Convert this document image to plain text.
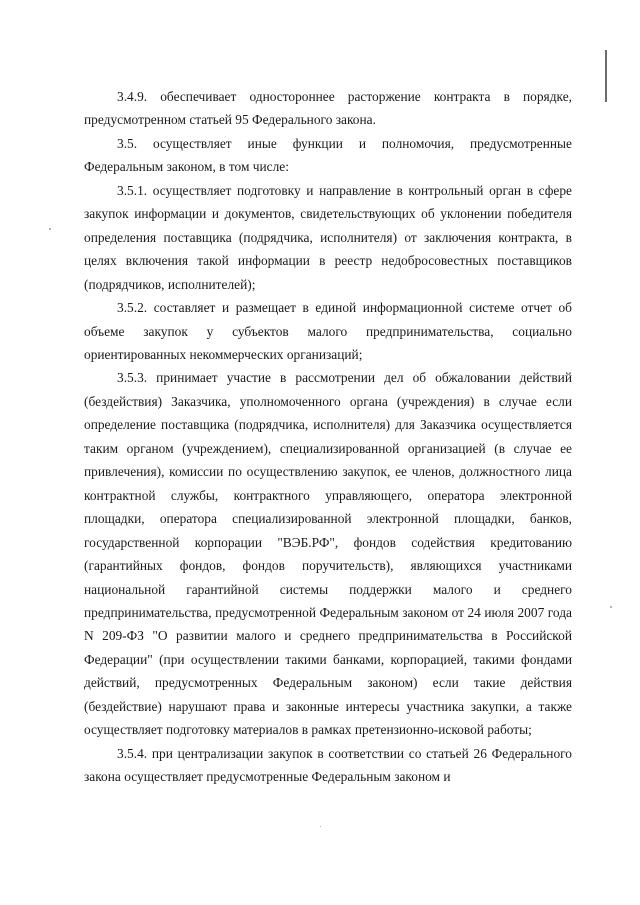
3.4.9. обеспечивает одностороннее расторжение контракта в порядке, предусмотренном статьей 95 Федерального закона.

3.5. осуществляет иные функции и полномочия, предусмотренные Федеральным законом, в том числе:

3.5.1. осуществляет подготовку и направление в контрольный орган в сфере закупок информации и документов, свидетельствующих об уклонении победителя определения поставщика (подрядчика, исполнителя) от заключения контракта, в целях включения такой информации в реестр недобросовестных поставщиков (подрядчиков, исполнителей);

3.5.2. составляет и размещает в единой информационной системе отчет об объеме закупок у субъектов малого предпринимательства, социально ориентированных некоммерческих организаций;

3.5.3. принимает участие в рассмотрении дел об обжаловании действий (бездействия) Заказчика, уполномоченного органа (учреждения) в случае если определение поставщика (подрядчика, исполнителя) для Заказчика осуществляется таким органом (учреждением), специализированной организацией (в случае ее привлечения), комиссии по осуществлению закупок, ее членов, должностного лица контрактной службы, контрактного управляющего, оператора электронной площадки, оператора специализированной электронной площадки, банков, государственной корпорации "ВЭБ.РФ", фондов содействия кредитованию (гарантийных фондов, фондов поручительств), являющихся участниками национальной гарантийной системы поддержки малого и среднего предпринимательства, предусмотренной Федеральным законом от 24 июля 2007 года N 209-ФЗ "О развитии малого и среднего предпринимательства в Российской Федерации" (при осуществлении такими банками, корпорацией, такими фондами действий, предусмотренных Федеральным законом) если такие действия (бездействие) нарушают права и законные интересы участника закупки, а также осуществляет подготовку материалов в рамках претензионно-исковой работы;

3.5.4. при централизации закупок в соответствии со статьей 26 Федерального закона осуществляет предусмотренные Федеральным законом и
